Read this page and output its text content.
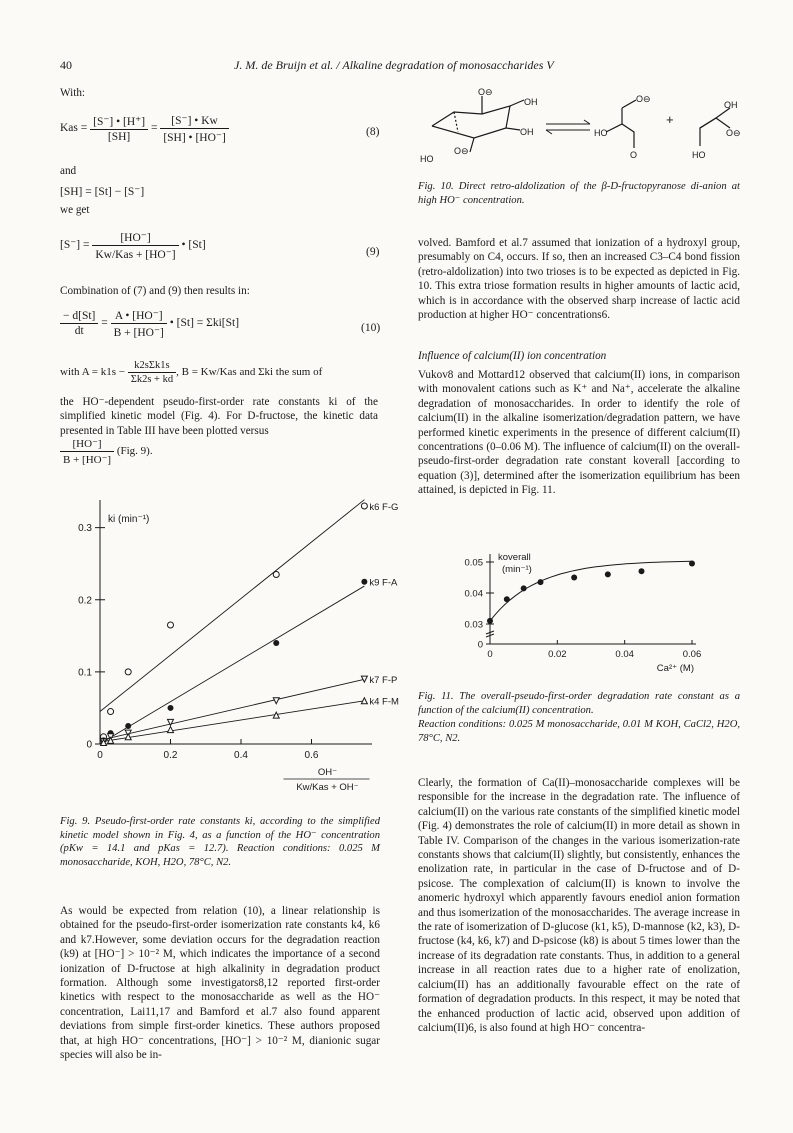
40	J. M. de Bruijn et al. / Alkaline degradation of monosaccharides V
With:
Kas = $\frac{[S^-] • [H^+]}{[SH]} = \frac{[S^-] • Kw}{[SH] • [HO^-]}$	(8)
and
[SH] = [St] − [S⁻]
we get
$[S^-] = \frac{[HO^-]}{\text{Kw/Kas + [HO⁻]}}$ • [St]
(9)
Combination of (7) and (9) then results in:
$\frac{- d[St]}{dt} = \frac{A • [HO^-]}{B + [HO^-]}$ • [St] = Σki[St]	(10)
with $A = k1s - \frac{\text{k2sΣk1s}}{\Sigma k2s + kd}$ , B = Kw/Kas and Σki the sum of
the HO⁻-dependent pseudo-first-order rate constants ki of the simplified kinetic model (Fig. 4). For D-fructose, the kinetic data presented in Table III have been plotted versus
$\frac{[HO^-]}{B + [HO^-]} (Fig$. 9).
0
0.1
0.2
0.3
0	0.2	0.4	0.6
ki (min⁻¹)
OH⁻
Kw/Kas + OH⁻
k6 F-G
k9 F-A
k7 F-P
k4 F-M
Fig. 9. Pseudo-first-order rate constants ki, according to the simplified kinetic model shown in Fig. 4, as a function of the HO⁻ concentration (pKw = 14.1 and pKas = 12.7). Reaction conditions: 0.025 M monosaccharide, KOH, H2O, 78°C, N2.
As would be expected from relation (10), a linear relationship is obtained for the pseudo-first-order isomerization rate constants k4, k6 and k7.However, some deviation occurs for the degradation reaction (k9) at [HO⁻] > 10⁻² M, which indicates the importance of a second ionization of D-fructose at high alkalinity in degradation product formation. Although some investigators8,12 reported first-order kinetics with respect to the monosaccharide as well as the HO⁻ concentration, Lai11,17 and Bamford et al.7 also found apparent deviations from simple first-order kinetics. These authors proposed that, at high HO⁻ concentrations, [HO⁻] > 10⁻² M, dianionic sugar species will also be in-
O⊖
OH
OH
HO
O⊖
O⊖
HO
O
+
OH
O⊖
HO
Fig. 10. Direct retro-aldolization of the β-D-fructopyranose di-anion at high HO⁻ concentration.
volved. Bamford et al.7 assumed that ionization of a hydroxyl group, presumably on C4, occurs. If so, then an increased C3–C4 bond fission (retro-aldolization) into two trioses is to be expected as depicted in Fig. 10. This extra triose formation results in higher amounts of lactic acid, which is in accordance with the observed sharp increase of lactic acid production at higher HO⁻ concentrations6.
Influence of calcium(II) ion concentration
Vukov8 and Mottard12 observed that calcium(II) ions, in comparison with monovalent cations such as K⁺ and Na⁺, accelerate the alkaline degradation of monosaccharides. In order to identify the role of calcium(II) in the alkaline isomerization/degradation pattern, we have performed kinetic experiments in the presence of different calcium(II) concentrations (0–0.06 M). The influence of calcium(II) on the overall-pseudo-first-order degradation rate constant koverall [according to equation (3)], determined after the isomerization equilibrium has been attained, is depicted in Fig. 11.
0
0.03
0.04
0.05
0	0.02	0.04	0.06
koverall
(min⁻¹)
Ca²⁺ (M)
Fig. 11. The overall-pseudo-first-order degradation rate constant as a function of the calcium(II) concentration.
Reaction conditions: 0.025 M monosaccharide, 0.01 M KOH, CaCl2, H2O, 78°C, N2.
Clearly, the formation of Ca(II)–monosaccharide complexes will be responsible for the increase in the degradation rate. The influence of calcium(II) on the various rate constants of the simplified kinetic model (Fig. 4) demonstrates the role of calcium(II) in more detail as shown in Table IV. Comparison of the changes in the various isomerization-rate constants shows that calcium(II) slightly, but consistently, enhances the enolization rate, in particular in the case of D-fructose and of D-psicose. The complexation of calcium(II) is known to involve the anomeric hydroxyl which apparently favours enediol anion formation and thus isomerization of the monosaccharides. The average increase in the rate of isomerization of D-glucose (k1, k5), D-mannose (k2, k3), D-fructose (k4, k6, k7) and D-psicose (k8) is about 5 times lower than the increase of its degradation rate constants. Thus, in addition to a general increase in all reaction rates due to a higher rate of enolization, calcium(II) has an additionally favourable effect on the rate of formation of degradation products. In this respect, it may be noted that the enhanced production of lactic acid, observed upon addition of calcium(II)6, is also found at high HO⁻ concentra-
